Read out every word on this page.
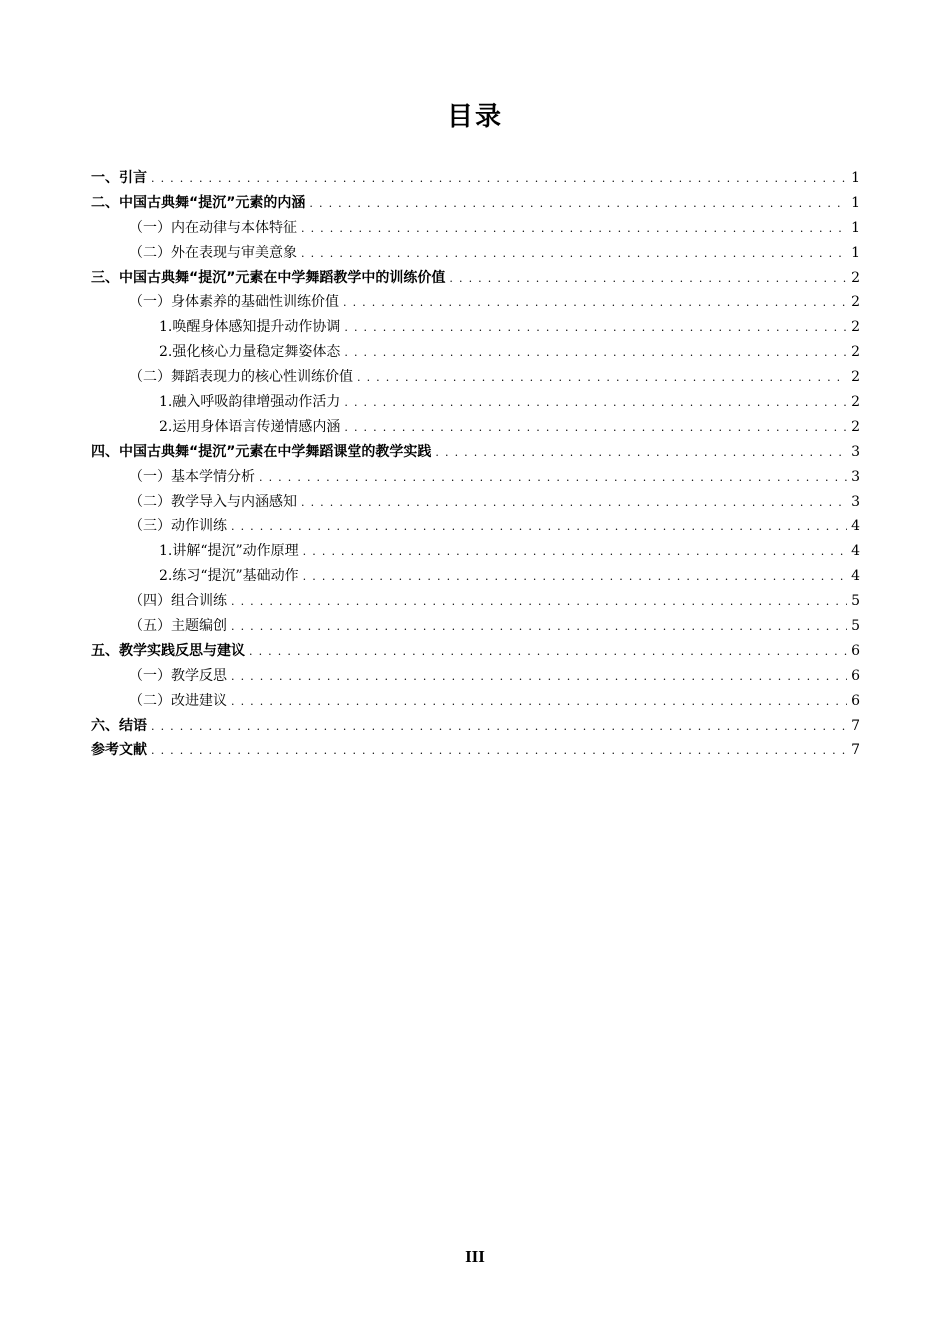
目录
一、引言 . . .	1
二、中国古典舞“提沉”元素的内涵 . . .	1
（一）内在动律与本体特征 . . .	1
（二）外在表现与审美意象 . . .	1
三、中国古典舞“提沉”元素在中学舞蹈教学中的训练价值 . . .	2
（一）身体素养的基础性训练价值 . . .	2
1.唤醒身体感知提升动作协调 . . .	2
2.强化核心力量稳定舞姿体态 . . .	2
（二）舞蹈表现力的核心性训练价值 . . .	2
1.融入呼吸韵律增强动作活力 . . .	2
2.运用身体语言传递情感内涵 . . .	2
四、中国古典舞“提沉”元素在中学舞蹈课堂的教学实践 . . .	3
（一）基本学情分析 . . .	3
（二）教学导入与内涵感知 . . .	3
（三）动作训练 . . .	4
1.讲解“提沉”动作原理 . . .	4
2.练习“提沉”基础动作 . . .	4
（四）组合训练 . . .	5
（五）主题编创 . . .	5
五、教学实践反思与建议 . . .	6
（一）教学反思 . . .	6
（二）改进建议 . . .	6
六、结语 . . .	7
参考文献 . . .	7
III
